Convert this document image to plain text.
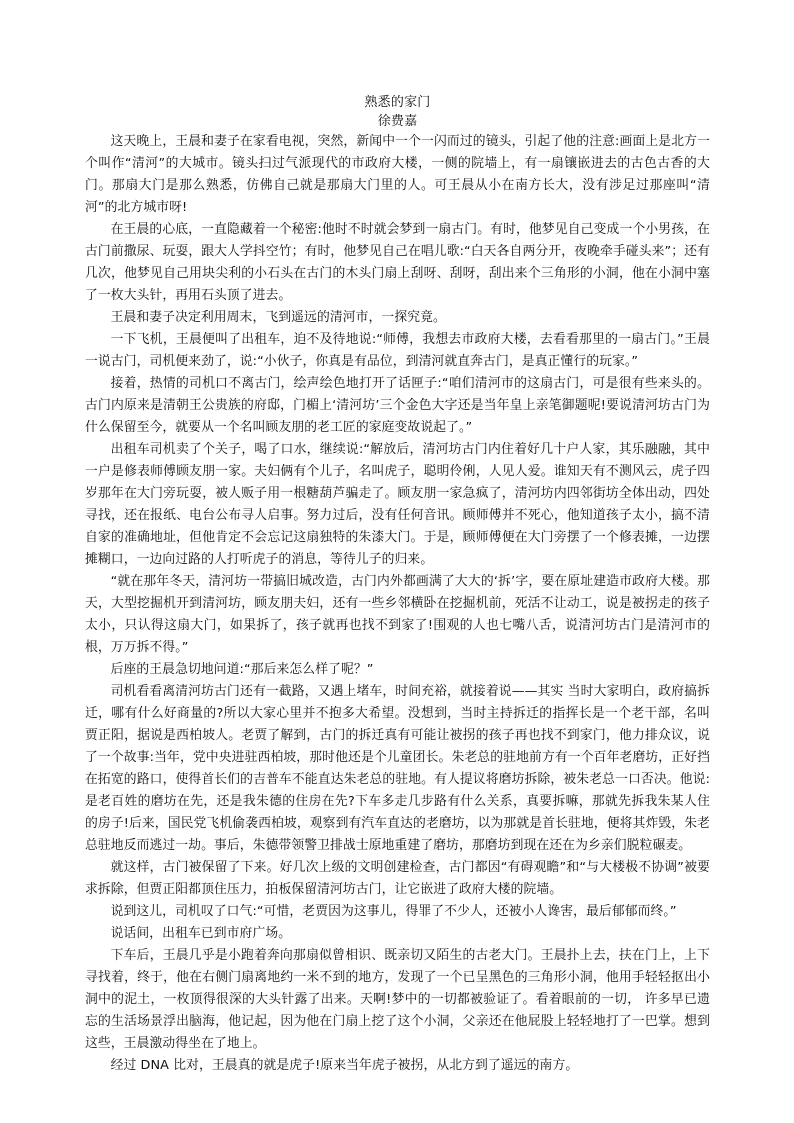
熟悉的家门
徐费嘉

这天晚上，王晨和妻子在家看电视，突然，新闻中一个一闪而过的镜头，引起了他的注意:画面上是北方一个叫作“清河”的大城市。镜头扫过气派现代的市政府大楼，一侧的院墙上，有一扇镶嵌进去的古色古香的大门。那扇大门是那么熟悉，仿佛自己就是那扇大门里的人。可王晨从小在南方长大，没有涉足过那座叫“清河”的北方城市呀!

在王晨的心底，一直隐藏着一个秘密:他时不时就会梦到一扇古门。有时，他梦见自己变成一个小男孩，在古门前撒尿、玩耍，跟大人学抖空竹；有时，他梦见自己在唱儿歌:“白天各自两分开，夜晚牵手碰头来”；还有几次，他梦见自己用块尖利的小石头在古门的木头门扇上刮呀、刮呀，刮出来个三角形的小洞，他在小洞中塞了一枚大头针，再用石头顶了进去。

王晨和妻子决定利用周末，飞到遥远的清河市，一探究竟。

一下飞机，王晨便叫了出租车，迫不及待地说:“师傅，我想去市政府大楼，去看看那里的一扇古门。”王晨一说古门，司机便来劲了，说:“小伙子，你真是有品位，到清河就直奔古门，是真正懂行的玩家。”

接着，热情的司机口不离古门，绘声绘色地打开了话匣子:“咱们清河市的这扇古门，可是很有些来头的。古门内原来是清朝王公贵族的府邸，门楣上‘清河坊’三个金色大字还是当年皇上亲笔御题呢!要说清河坊古门为什么保留至今，就要从一个名叫顾友朋的老工匠的家庭变故说起了。”

出租车司机卖了个关子，喝了口水，继续说:“解放后，清河坊古门内住着好几十户人家，其乐融融，其中一户是修表师傅顾友朋一家。夫妇俩有个儿子，名叫虎子，聪明伶俐，人见人爱。谁知天有不测风云，虎子四岁那年在大门旁玩耍，被人贩子用一根糖葫芦骗走了。顾友朋一家急疯了，清河坊内四邻街坊全体出动，四处寻找，还在报纸、电台公布寻人启事。努力过后，没有任何音讯。顾师傅并不死心，他知道孩子太小，搞不清自家的准确地址，但他肯定不会忘记这扇独特的朱漆大门。于是，顾师傅便在大门旁摆了一个修表摊，一边摆摊糊口，一边向过路的人打听虎子的消息，等待儿子的归来。

“就在那年冬天，清河坊一带搞旧城改造，古门内外都画满了大大的‘拆’字，要在原址建造市政府大楼。那天，大型挖掘机开到清河坊，顾友朋夫妇，还有一些乡邻横卧在挖掘机前，死活不让动工，说是被拐走的孩子太小，只认得这扇大门，如果拆了，孩子就再也找不到家了!围观的人也七嘴八舌，说清河坊古门是清河市的根，万万拆不得。”

后座的王晨急切地问道:“那后来怎么样了呢？”

司机看看离清河坊古门还有一截路，又遇上堵车，时间充裕，就接着说——其实 当时大家明白，政府搞拆迁，哪有什么好商量的?所以大家心里并不抱多大希望。没想到，当时主持拆迁的指挥长是一个老干部，名叫贾正阳，据说是西柏坡人。老贾了解到，古门的拆迁真有可能让被拐的孩子再也找不到家门，他力排众议，说了一个故事:当年，党中央进驻西柏坡，那时他还是个儿童团长。朱老总的驻地前方有一个百年老磨坊，正好挡在拓宽的路口，使得首长们的吉普车不能直达朱老总的驻地。有人提议将磨坊拆除，被朱老总一口否决。他说:是老百姓的磨坊在先，还是我朱德的住房在先?下车多走几步路有什么关系，真要拆嘛，那就先拆我朱某人住的房子!后来，国民党飞机偷袭西柏坡，观察到有汽车直达的老磨坊，以为那就是首长驻地，便将其炸毁，朱老总驻地反而逃过一劫。事后，朱德带领警卫排战士原地重建了磨坊，那磨坊到现在还在为乡亲们脱粒碾麦。

就这样，古门被保留了下来。好几次上级的文明创建检查，古门都因“有碍观瞻”和“与大楼极不协调”被要求拆除，但贾正阳都顶住压力，拍板保留清河坊古门，让它嵌进了政府大楼的院墙。

说到这儿，司机叹了口气:“可惜，老贾因为这事儿，得罪了不少人，还被小人谗害，最后郁郁而终。”

说话间，出租车已到市府广场。

下车后，王晨几乎是小跑着奔向那扇似曾相识、既亲切又陌生的古老大门。王晨扑上去，扶在门上，上下寻找着，终于，他在右侧门扇离地约一米不到的地方，发现了一个已呈黑色的三角形小洞，他用手轻轻抠出小洞中的泥土，一枚顶得很深的大头针露了出来。天啊!梦中的一切都被验证了。看着眼前的一切， 许多早已遗忘的生活场景浮出脑海，他记起，因为他在门扇上挖了这个小洞，父亲还在他屁股上轻轻地打了一巴掌。想到这些，王晨激动得坐在了地上。

经过 DNA 比对，王晨真的就是虎子!原来当年虎子被拐，从北方到了遥远的南方。
